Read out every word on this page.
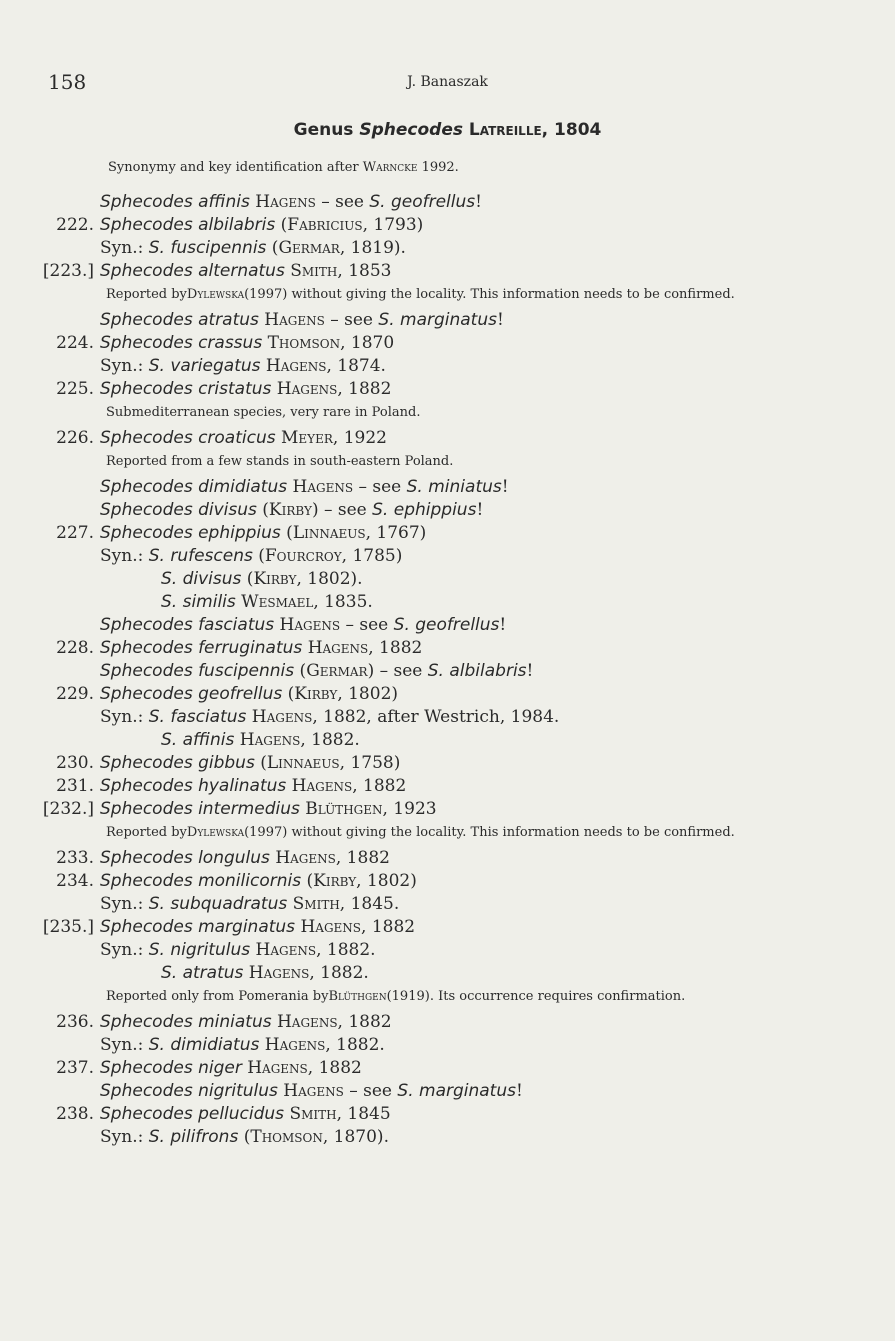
158	J. Banaszak
Genus Sphecodes Latreille, 1804
Synonymy and key identification after Warncke 1992.
Sphecodes affinis Hagens – see S. geofrellus!
222. Sphecodes albilabris (Fabricius, 1793)
Syn.: S. fuscipennis (Germar, 1819).
[223.] Sphecodes alternatus Smith, 1853
Reported by Dylewska (1997) without giving the locality. This information needs to be confirmed.
Sphecodes atratus Hagens – see S. marginatus!
224. Sphecodes crassus Thomson, 1870
Syn.: S. variegatus Hagens, 1874.
225. Sphecodes cristatus Hagens, 1882
Submediterranean species, very rare in Poland.
226. Sphecodes croaticus Meyer, 1922
Reported from a few stands in south-eastern Poland.
Sphecodes dimidiatus Hagens – see S. miniatus!
Sphecodes divisus (Kirby) – see S. ephippius!
227. Sphecodes ephippius (Linnaeus, 1767)
Syn.: S. rufescens (Fourcroy, 1785)
S. divisus (Kirby, 1802).
S. similis Wesmael, 1835.
Sphecodes fasciatus Hagens – see S. geofrellus!
228. Sphecodes ferruginatus Hagens, 1882
Sphecodes fuscipennis (Germar) – see S. albilabris!
229. Sphecodes geofrellus (Kirby, 1802)
Syn.: S. fasciatus Hagens, 1882, after Westrich, 1984.
S. affinis Hagens, 1882.
230. Sphecodes gibbus (Linnaeus, 1758)
231. Sphecodes hyalinatus Hagens, 1882
[232.] Sphecodes intermedius Blüthgen, 1923
Reported by Dylewska (1997) without giving the locality. This information needs to be confirmed.
233. Sphecodes longulus Hagens, 1882
234. Sphecodes monilicornis (Kirby, 1802)
Syn.: S. subquadratus Smith, 1845.
[235.] Sphecodes marginatus Hagens, 1882
Syn.: S. nigritulus Hagens, 1882.
S. atratus Hagens, 1882.
Reported only from Pomerania by Blüthgen (1919). Its occurrence requires confirmation.
236. Sphecodes miniatus Hagens, 1882
Syn.: S. dimidiatus Hagens, 1882.
237. Sphecodes niger Hagens, 1882
Sphecodes nigritulus Hagens – see S. marginatus!
238. Sphecodes pellucidus Smith, 1845
Syn.: S. pilifrons (Thomson, 1870).
